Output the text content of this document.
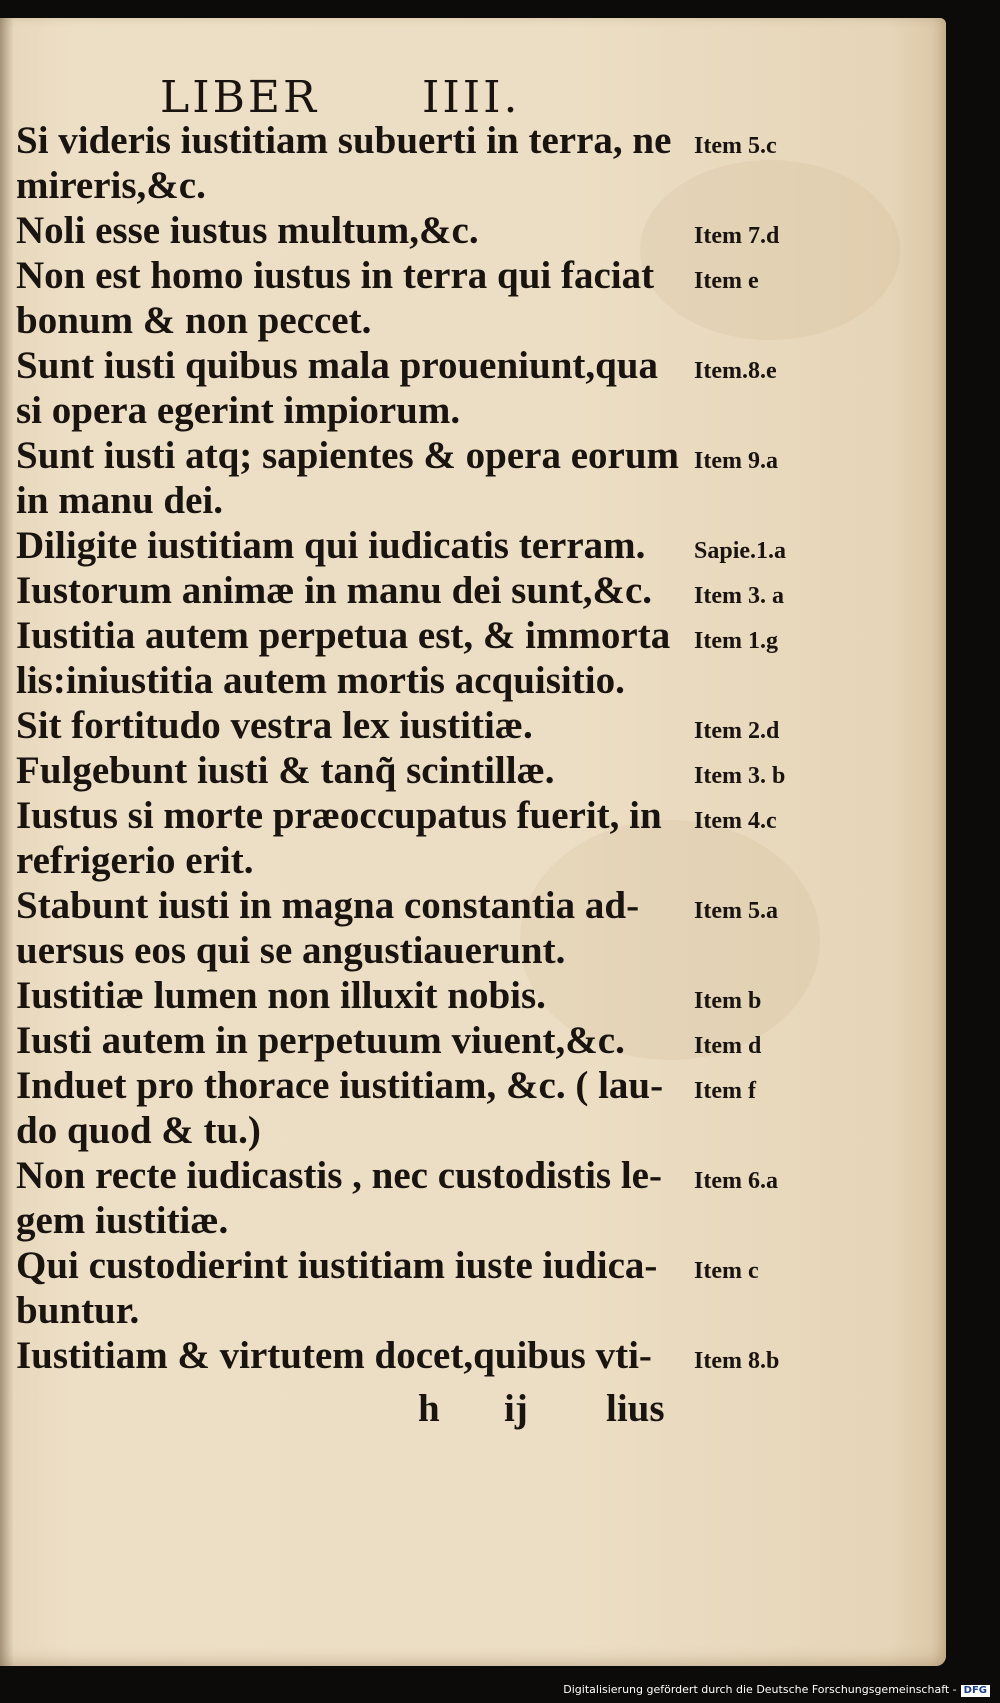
LIBER IIII.
Si videris iustitiam subuerti in terra, ne Item 5.c
mireris,&c.
Noli esse iustus multum,&c.	Item 7.d
Non est homo iustus in terra qui faciat Item e
bonum & non peccet.
Sunt iusti quibus mala proueniunt,qua Item.8.e
si opera egerint impiorum.
Sunt iusti atq; sapientes & opera eorum Item 9.a
in manu dei.
Diligite iustitiam qui iudicatis terram. Sapie.1.a
Iustorum animæ in manu dei sunt,&c. Item 3. a
Iustitia autem perpetua est, & immorta Item 1.g
lis:iniustitia autem mortis acquisitio.
Sit fortitudo vestra lex iustitiæ.	Item 2.d
Fulgebunt iusti & tanq̃ scintillæ.	Item 3. b
Iustus si morte præoccupatus fuerit, in Item 4.c
refrigerio erit.
Stabunt iusti in magna constantia ad- Item 5.a
uersus eos qui se angustiauerunt.
Iustitiæ lumen non illuxit nobis.	Item b
Iusti autem in perpetuum viuent,&c.	Item d
Induet pro thorace iustitiam, &c. ( lau- Item f
do quod & tu.)
Non recte iudicastis , nec custodistis le- Item 6.a
gem iustitiæ.
Qui custodierint iustitiam iuste iudica- Item c
buntur.
Iustitiam & virtutem docet,quibus vti- Item 8.b
h ij lius
Digitalisierung gefördert durch die Deutsche Forschungsgemeinschaft - DFG
